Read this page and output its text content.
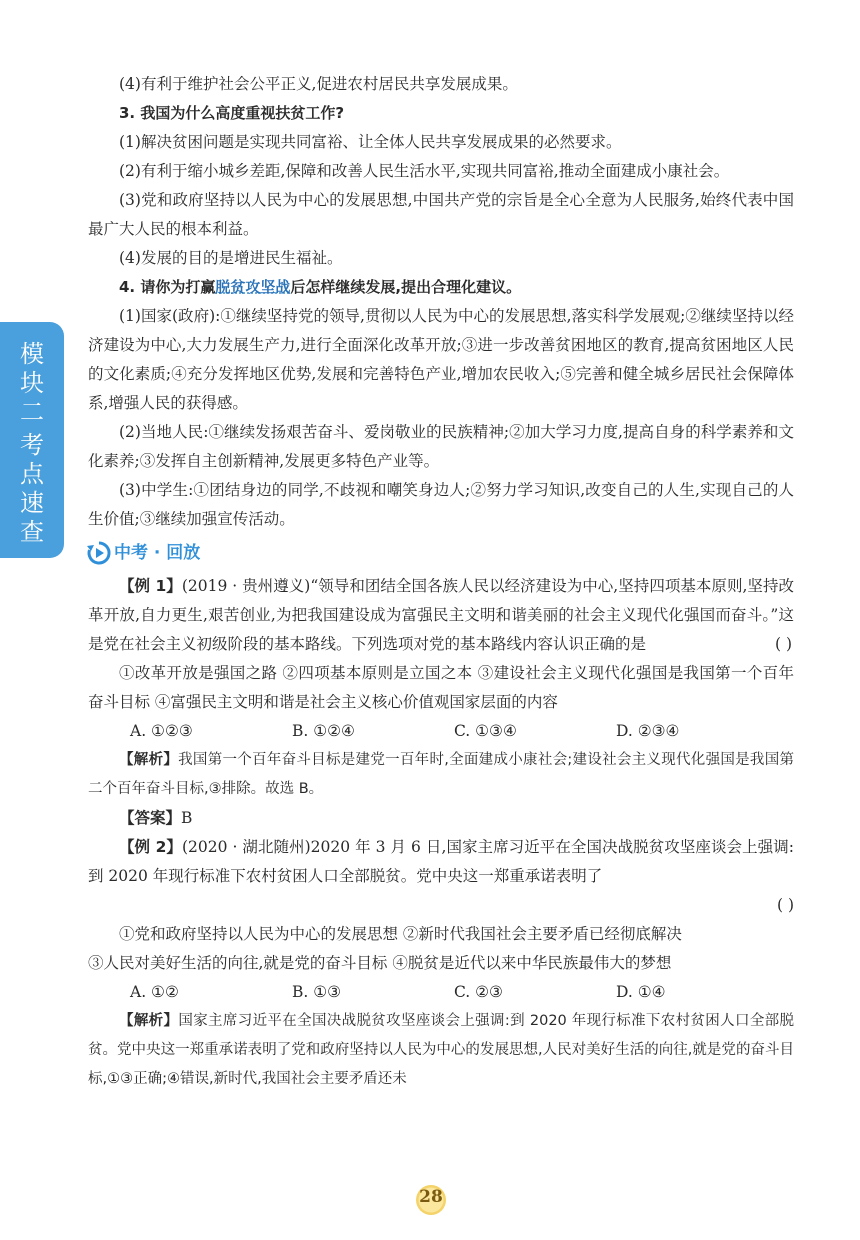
模
块
二
考
点
速
查

(4)有利于维护社会公平正义,促进农村居民共享发展成果。

3. 我国为什么高度重视扶贫工作?

(1)解决贫困问题是实现共同富裕、让全体人民共享发展成果的必然要求。

(2)有利于缩小城乡差距,保障和改善人民生活水平,实现共同富裕,推动全面建成小康社会。

(3)党和政府坚持以人民为中心的发展思想,中国共产党的宗旨是全心全意为人民服务,始终代表中国最广大人民的根本利益。

(4)发展的目的是增进民生福祉。

4. 请你为打赢脱贫攻坚战后怎样继续发展,提出合理化建议。

(1)国家(政府):①继续坚持党的领导,贯彻以人民为中心的发展思想,落实科学发展观;②继续坚持以经济建设为中心,大力发展生产力,进行全面深化改革开放;③进一步改善贫困地区的教育,提高贫困地区人民的文化素质;④充分发挥地区优势,发展和完善特色产业,增加农民收入;⑤完善和健全城乡居民社会保障体系,增强人民的获得感。

(2)当地人民:①继续发扬艰苦奋斗、爱岗敬业的民族精神;②加大学习力度,提高自身的科学素养和文化素养;③发挥自主创新精神,发展更多特色产业等。

(3)中学生:①团结身边的同学,不歧视和嘲笑身边人;②努力学习知识,改变自己的人生,实现自己的人生价值;③继续加强宣传活动。

中考 · 回放

【例 1】(2019 · 贵州遵义)“领导和团结全国各族人民以经济建设为中心,坚持四项基本原则,坚持改革开放,自力更生,艰苦创业,为把我国建设成为富强民主文明和谐美丽的社会主义现代化强国而奋斗。”这是党在社会主义初级阶段的基本路线。下列选项对党的基本路线内容认识正确的是	( )

①改革开放是强国之路 ②四项基本原则是立国之本 ③建设社会主义现代化强国是我国第一个百年奋斗目标 ④富强民主文明和谐是社会主义核心价值观国家层面的内容

A. ①②③	B. ①②④	C. ①③④	D. ②③④

【解析】我国第一个百年奋斗目标是建党一百年时,全面建成小康社会;建设社会主义现代化强国是我国第二个百年奋斗目标,③排除。故选 B。

【答案】B

【例 2】(2020 · 湖北随州)2020 年 3 月 6 日,国家主席习近平在全国决战脱贫攻坚座谈会上强调:到 2020 年现行标准下农村贫困人口全部脱贫。党中央这一郑重承诺表明了

( )

①党和政府坚持以人民为中心的发展思想 ②新时代我国社会主要矛盾已经彻底解决

③人民对美好生活的向往,就是党的奋斗目标 ④脱贫是近代以来中华民族最伟大的梦想

A. ①②	B. ①③	C. ②③	D. ①④

【解析】国家主席习近平在全国决战脱贫攻坚座谈会上强调:到 2020 年现行标准下农村贫困人口全部脱贫。党中央这一郑重承诺表明了党和政府坚持以人民为中心的发展思想,人民对美好生活的向往,就是党的奋斗目标,①③正确;④错误,新时代,我国社会主要矛盾还未

28
